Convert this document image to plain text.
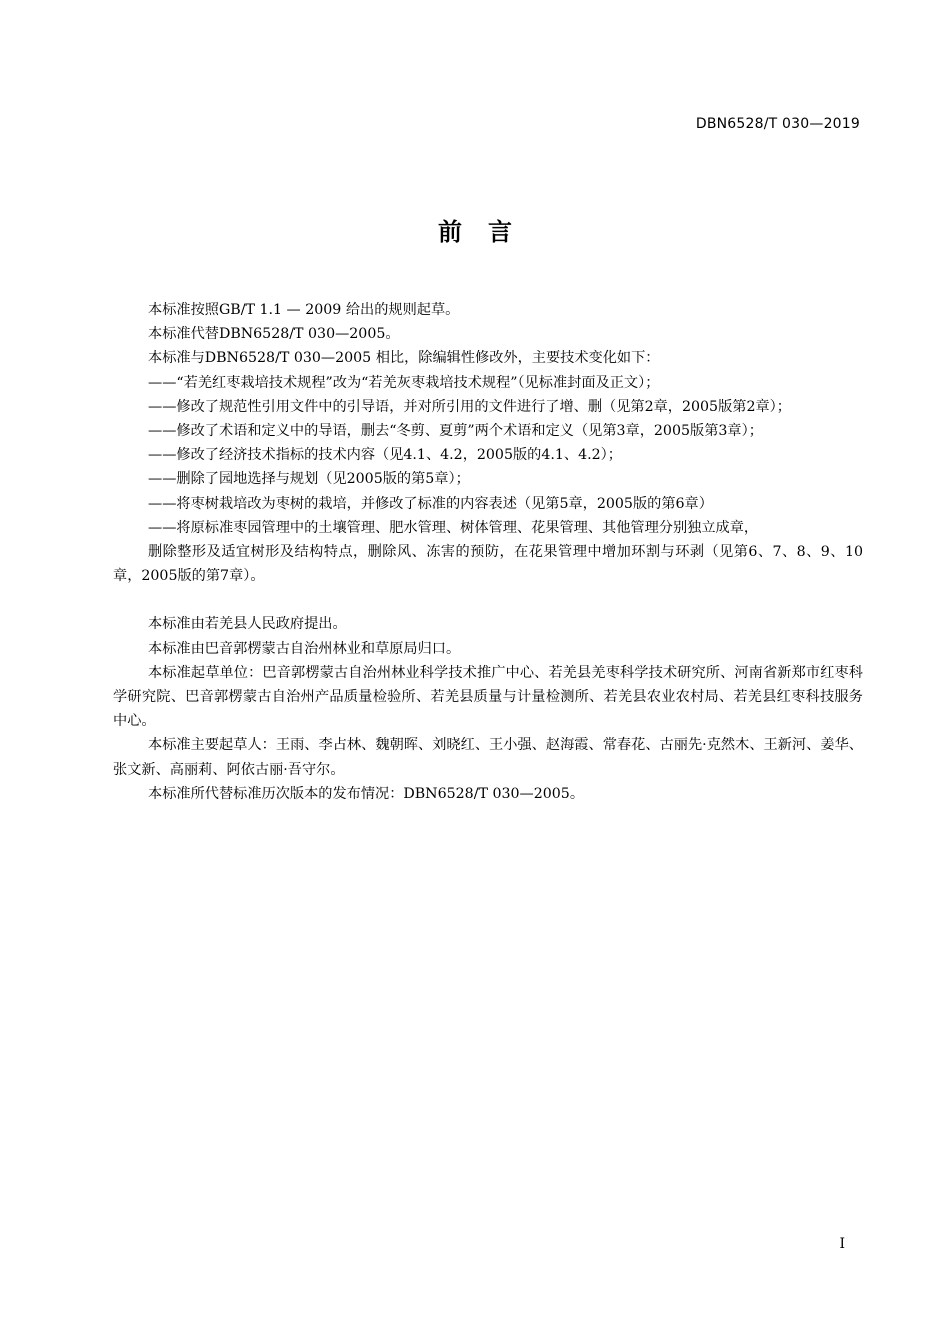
DBN6528/T 030—2019
前言

本标准按照GB/T 1.1 — 2009 给出的规则起草。

本标准代替DBN6528/T 030—2005。

本标准与DBN6528/T 030—2005 相比，除编辑性修改外，主要技术变化如下：

——“若羌红枣栽培技术规程”改为“若羌灰枣栽培技术规程”（见标准封面及正文）；

——修改了规范性引用文件中的引导语，并对所引用的文件进行了增、删（见第2章，2005版第2章）；

——修改了术语和定义中的导语，删去“冬剪、夏剪”两个术语和定义（见第3章，2005版第3章）；

——修改了经济技术指标的技术内容（见4.1、4.2，2005版的4.1、4.2）；

——删除了园地选择与规划（见2005版的第5章）；

——将枣树栽培改为枣树的栽培，并修改了标准的内容表述（见第5章，2005版的第6章）

——将原标准枣园管理中的土壤管理、肥水管理、树体管理、花果管理、其他管理分别独立成章，

删除整形及适宜树形及结构特点，删除风、冻害的预防，在花果管理中增加环割与环剥（见第6、7、8、9、10章，2005版的第7章）。

本标准由若羌县人民政府提出。

本标准由巴音郭楞蒙古自治州林业和草原局归口。

本标准起草单位：巴音郭楞蒙古自治州林业科学技术推广中心、若羌县羌枣科学技术研究所、河南省新郑市红枣科学研究院、巴音郭楞蒙古自治州产品质量检验所、若羌县质量与计量检测所、若羌县农业农村局、若羌县红枣科技服务中心。

本标准主要起草人：王雨、李占林、魏朝晖、刘晓红、王小强、赵海霞、常春花、古丽先·克然木、王新河、姜华、张文新、高丽莉、阿依古丽·吾守尔。

本标准所代替标准历次版本的发布情况：DBN6528/T 030—2005。

I
